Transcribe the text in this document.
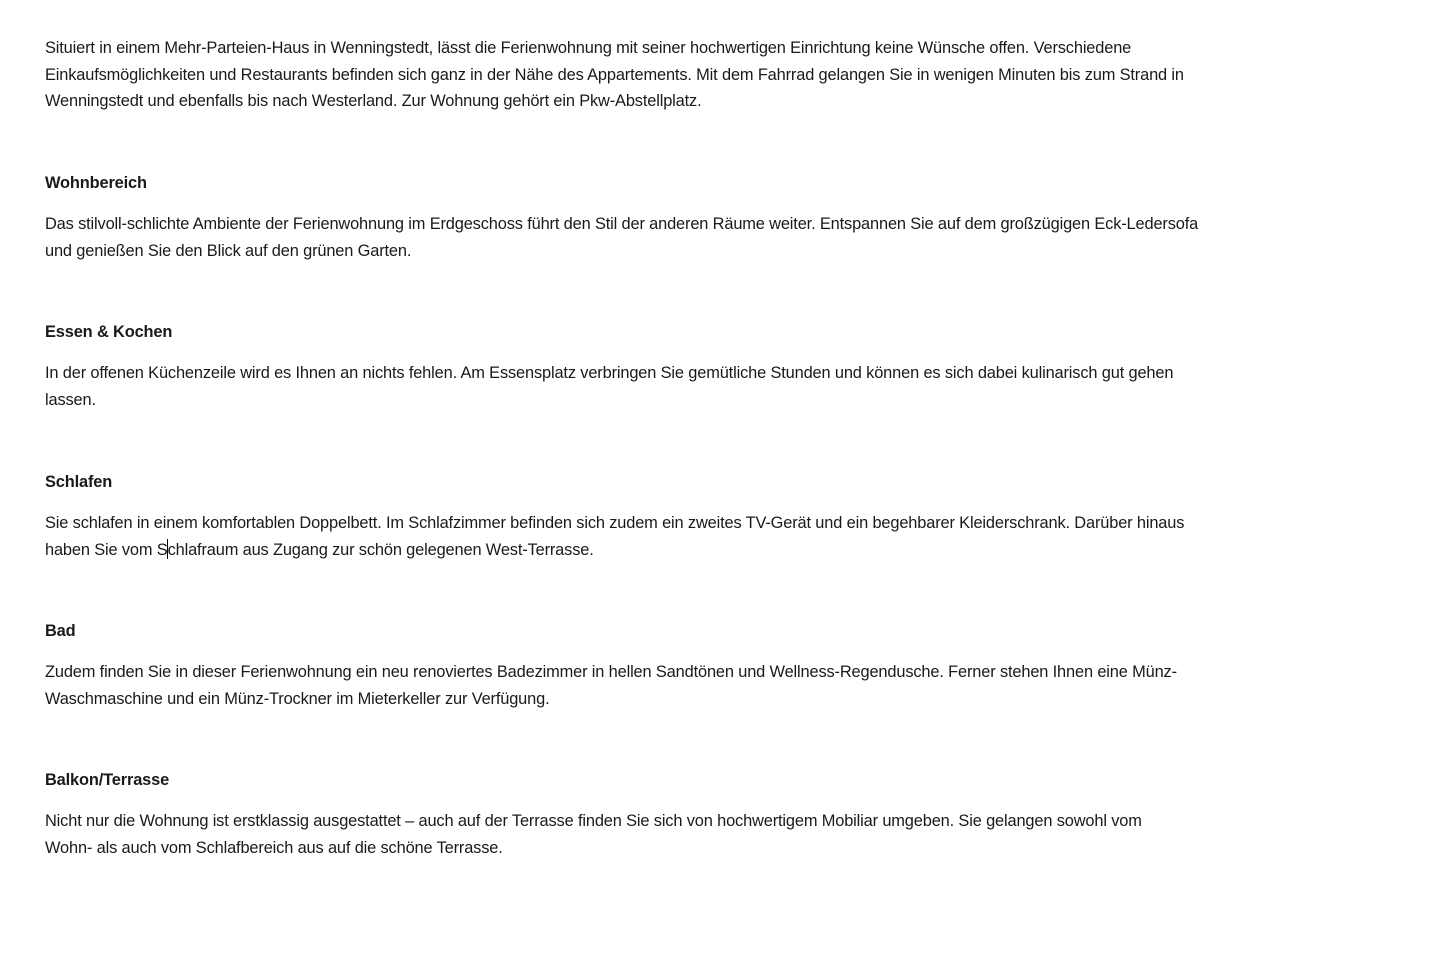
Situiert in einem Mehr-Parteien-Haus in Wenningstedt, lässt die Ferienwohnung mit seiner hochwertigen Einrichtung keine Wünsche offen. Verschiedene
Einkaufsmöglichkeiten und Restaurants befinden sich ganz in der Nähe des Appartements. Mit dem Fahrrad gelangen Sie in wenigen Minuten bis zum Strand in
Wenningstedt und ebenfalls bis nach Westerland. Zur Wohnung gehört ein Pkw-Abstellplatz.

Wohnbereich

Das stilvoll-schlichte Ambiente der Ferienwohnung im Erdgeschoss führt den Stil der anderen Räume weiter. Entspannen Sie auf dem großzügigen Eck-Ledersofa
und genießen Sie den Blick auf den grünen Garten.

Essen & Kochen

In der offenen Küchenzeile wird es Ihnen an nichts fehlen. Am Essensplatz verbringen Sie gemütliche Stunden und können es sich dabei kulinarisch gut gehen
lassen.

Schlafen

Sie schlafen in einem komfortablen Doppelbett. Im Schlafzimmer befinden sich zudem ein zweites TV-Gerät und ein begehbarer Kleiderschrank. Darüber hinaus
haben Sie vom Schlafraum aus Zugang zur schön gelegenen West-Terrasse.

Bad

Zudem finden Sie in dieser Ferienwohnung ein neu renoviertes Badezimmer in hellen Sandtönen und Wellness-Regendusche. Ferner stehen Ihnen eine Münz-
Waschmaschine und ein Münz-Trockner im Mieterkeller zur Verfügung.

Balkon/Terrasse

Nicht nur die Wohnung ist erstklassig ausgestattet – auch auf der Terrasse finden Sie sich von hochwertigem Mobiliar umgeben. Sie gelangen sowohl vom
Wohn- als auch vom Schlafbereich aus auf die schöne Terrasse.
